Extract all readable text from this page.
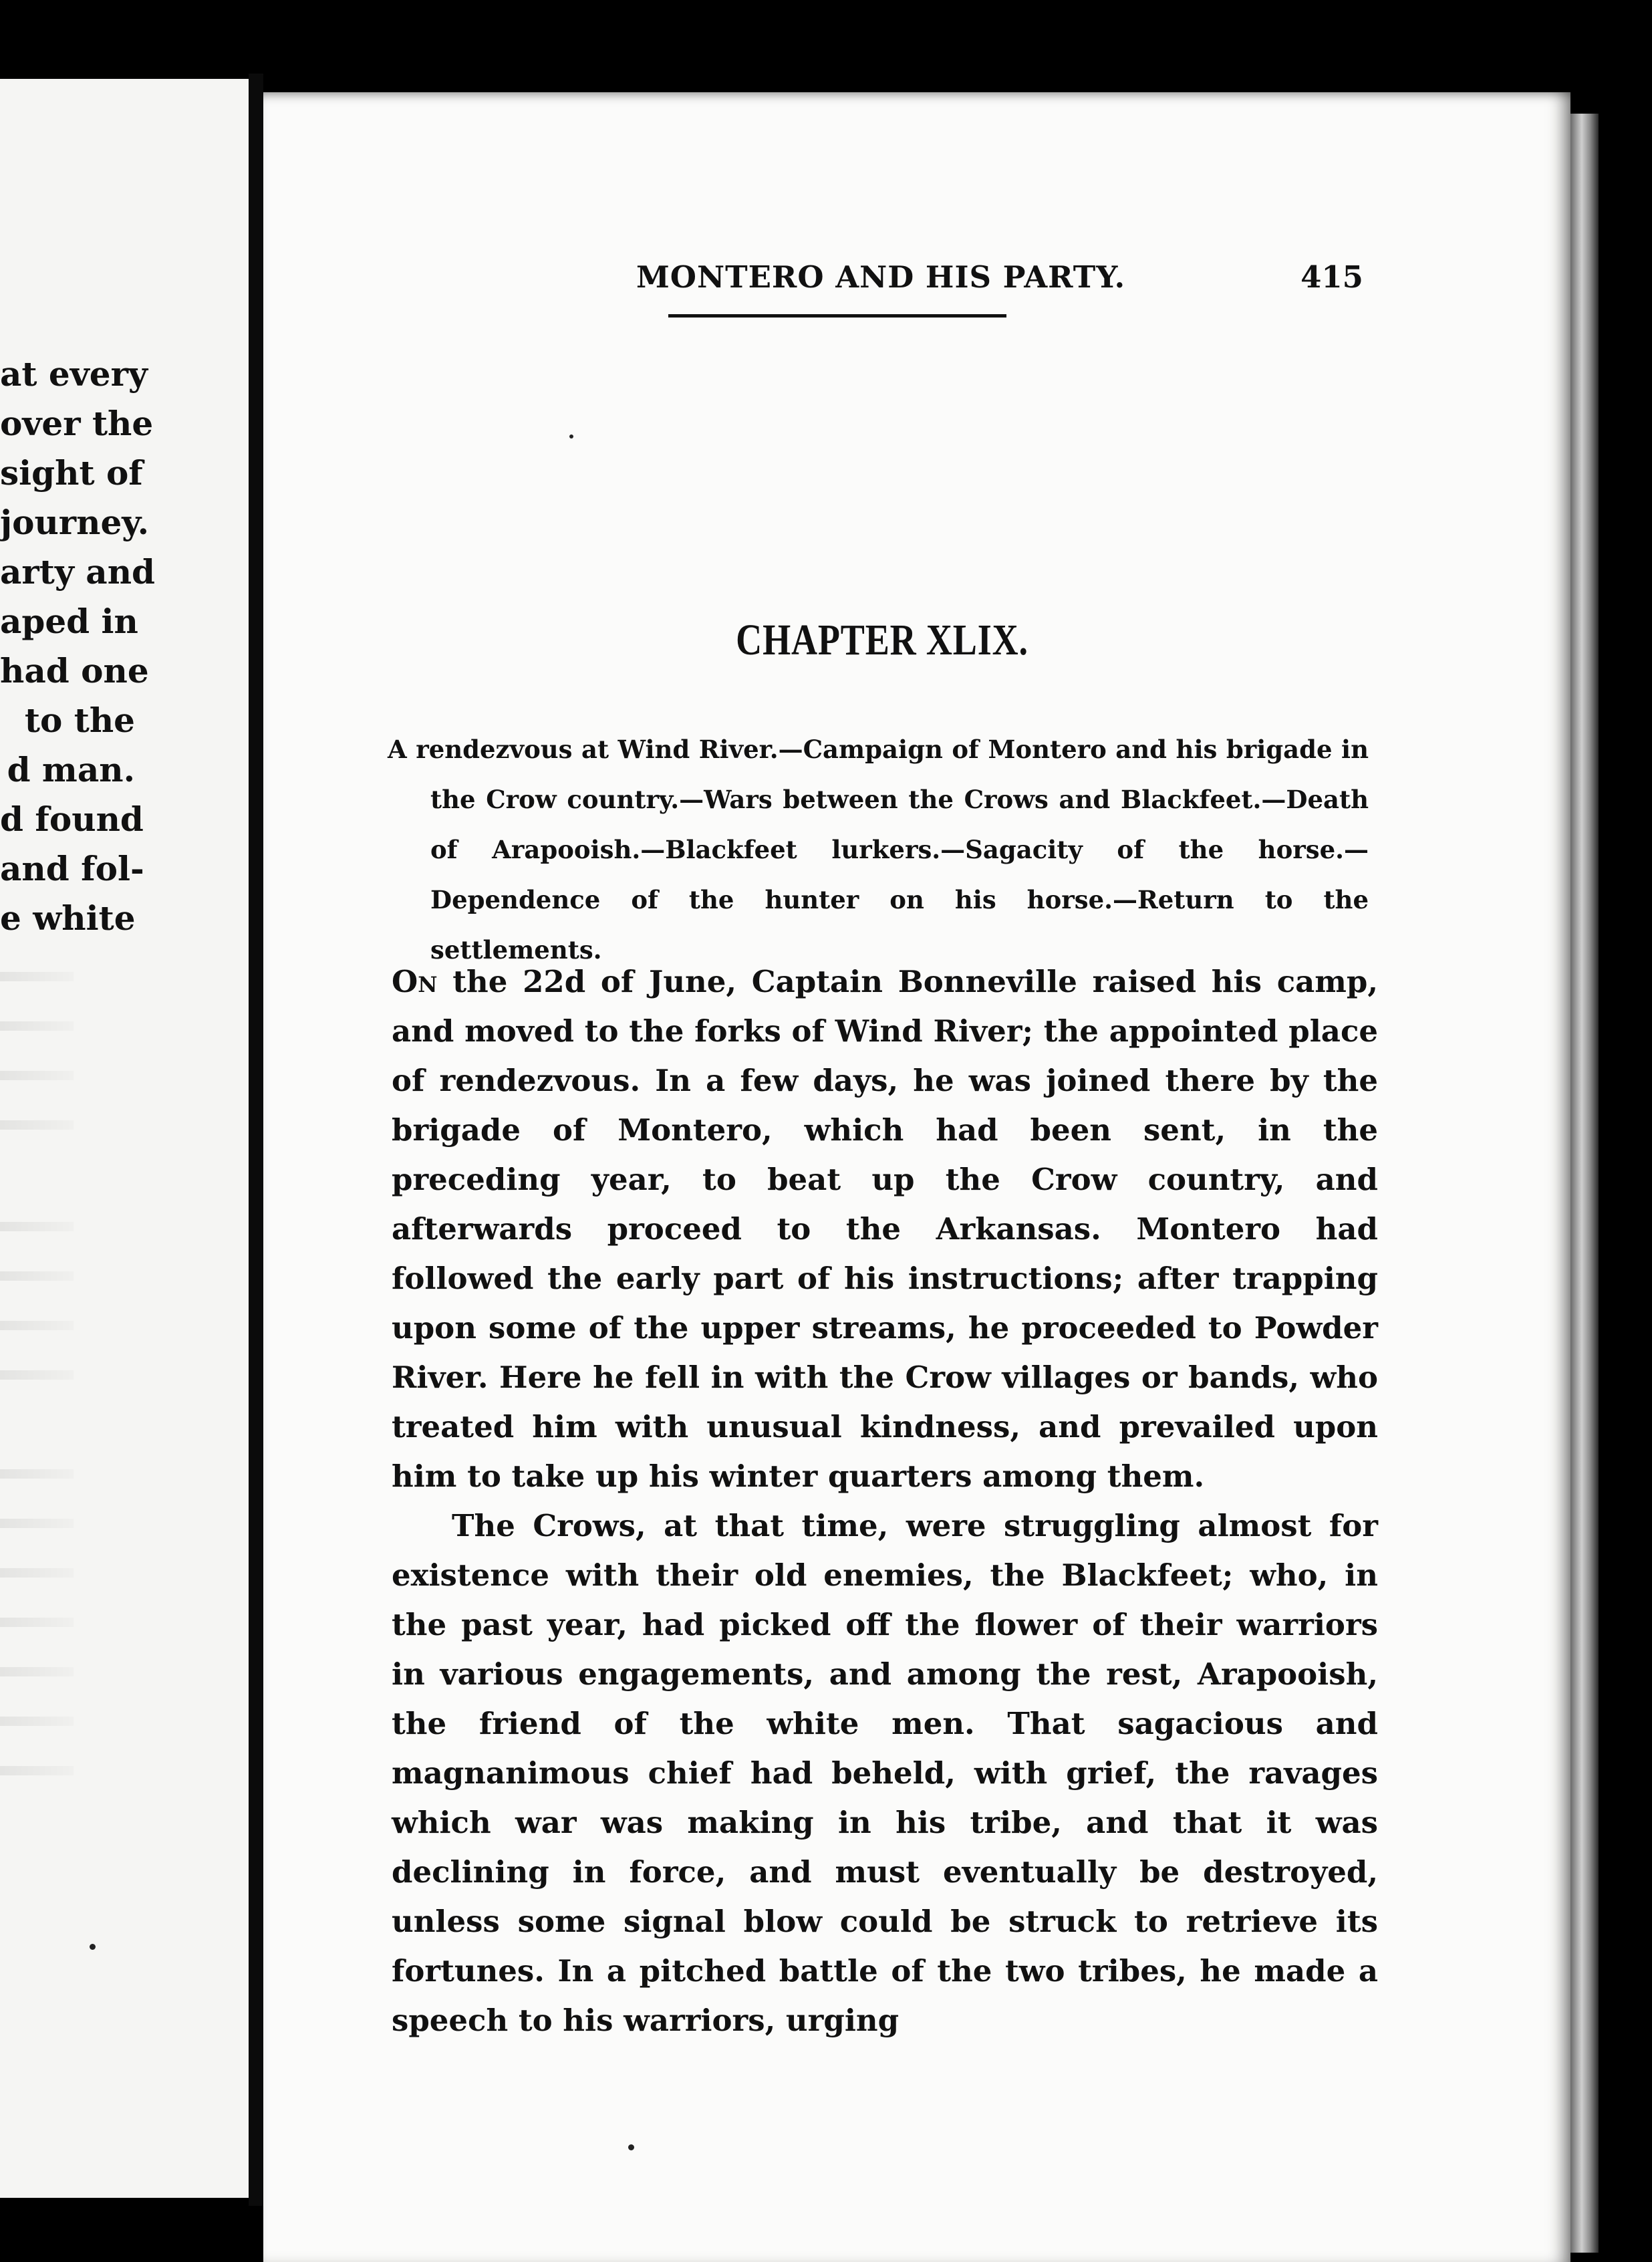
at every
over the
sight of
journey.
arty and
aped in
had one
to the
d man.
d found
and fol-
e white
MONTERO AND HIS PARTY.	415
CHAPTER XLIX.

A rendezvous at Wind River.—Campaign of Montero and his brigade in the Crow country.—Wars between the Crows and Blackfeet.—Death of Arapooish.—Blackfeet lurkers.—Sagacity of the horse.—Dependence of the hunter on his horse.—Return to the settlements.

On the 22d of June, Captain Bonneville raised his camp, and moved to the forks of Wind River; the appointed place of rendezvous. In a few days, he was joined there by the brigade of Montero, which had been sent, in the preceding year, to beat up the Crow country, and afterwards proceed to the Arkansas. Montero had followed the early part of his instructions; after trapping upon some of the upper streams, he proceeded to Powder River. Here he fell in with the Crow villages or bands, who treated him with unusual kindness, and prevailed upon him to take up his winter quarters among them.

The Crows, at that time, were struggling almost for existence with their old enemies, the Blackfeet; who, in the past year, had picked off the flower of their warriors in various engagements, and among the rest, Arapooish, the friend of the white men. That sagacious and magnanimous chief had beheld, with grief, the ravages which war was making in his tribe, and that it was declining in force, and must eventually be destroyed, unless some signal blow could be struck to retrieve its fortunes. In a pitched battle of the two tribes, he made a speech to his warriors, urging
